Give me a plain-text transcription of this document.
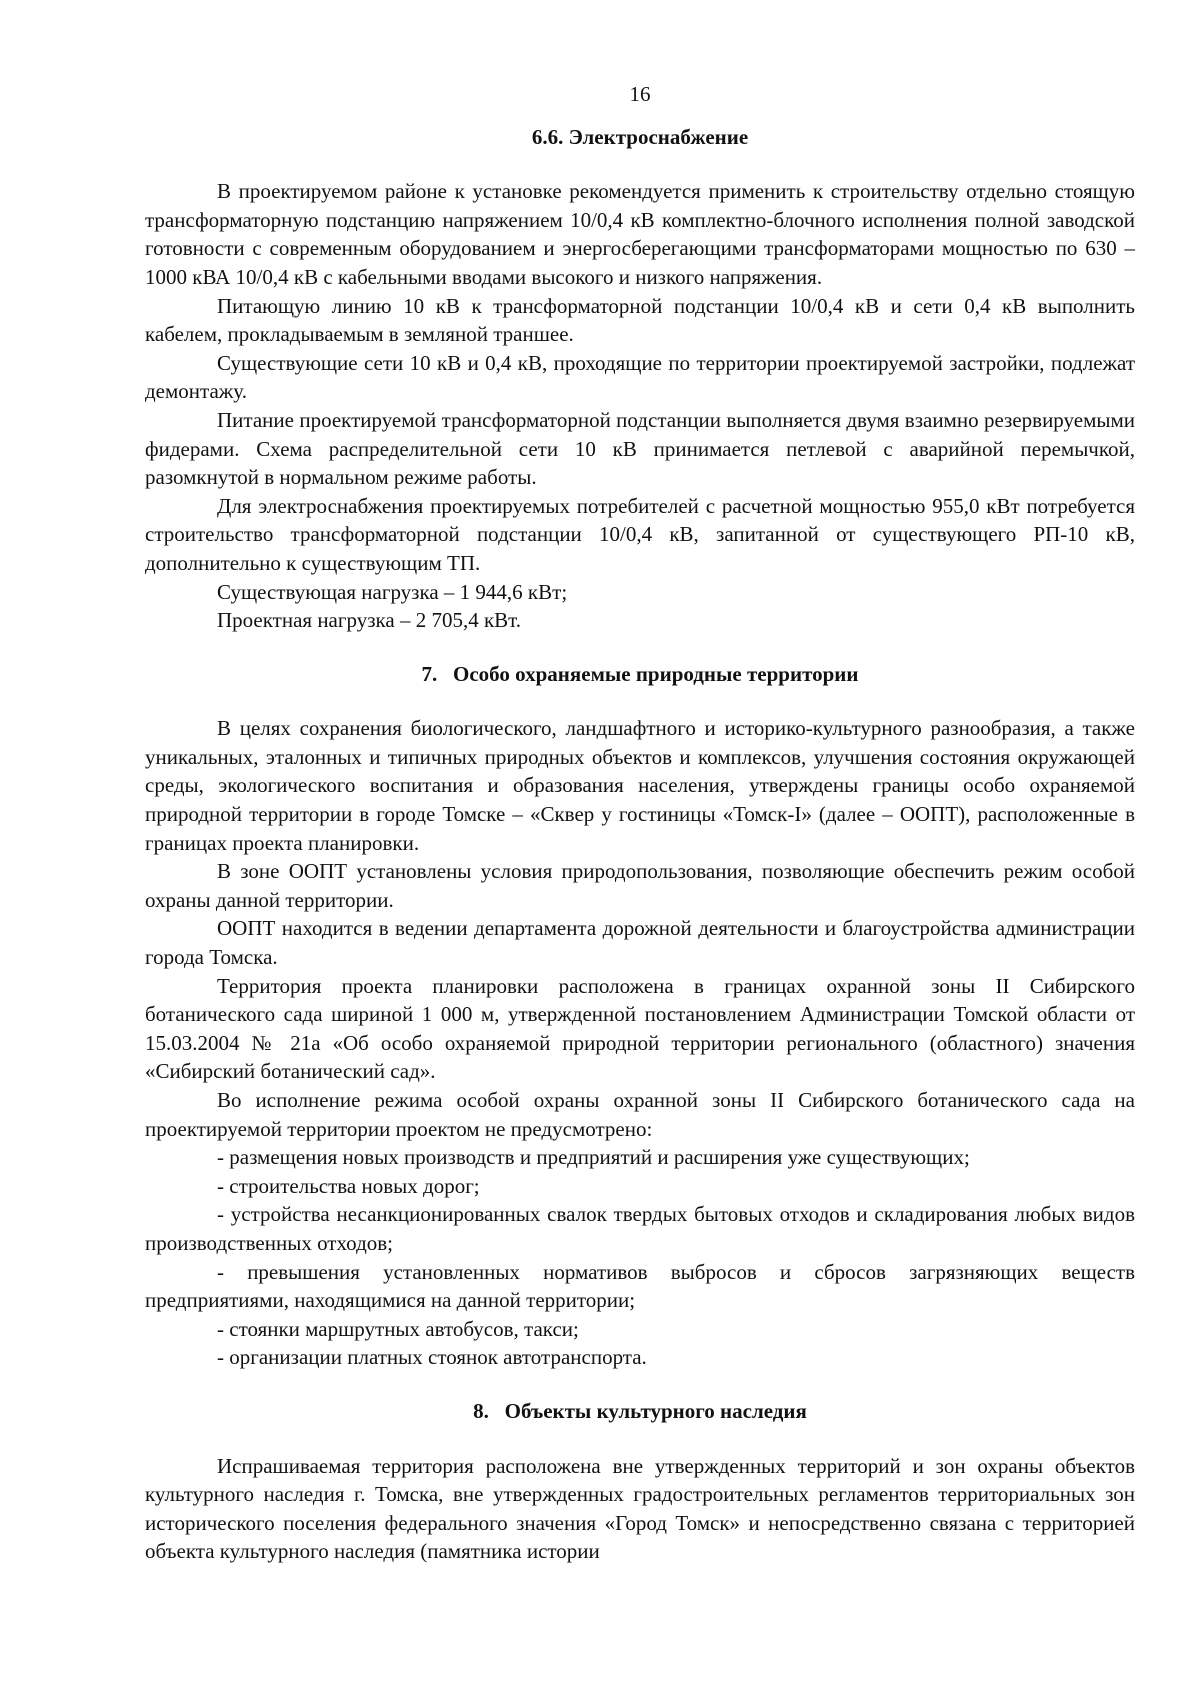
16
6.6. Электроснабжение

В проектируемом районе к установке рекомендуется применить к строительству отдельно стоящую трансформаторную подстанцию напряжением 10/0,4 кВ комплектно-блочного исполнения полной заводской готовности с современным оборудованием и энергосберегающими трансформаторами мощностью по 630 – 1000 кВА 10/0,4 кВ с кабельными вводами высокого и низкого напряжения.

Питающую линию 10 кВ к трансформаторной подстанции 10/0,4 кВ и сети 0,4 кВ выполнить кабелем, прокладываемым в земляной траншее.

Существующие сети 10 кВ и 0,4 кВ, проходящие по территории проектируемой застройки, подлежат демонтажу.

Питание проектируемой трансформаторной подстанции выполняется двумя взаимно резервируемыми фидерами. Схема распределительной сети 10 кВ принимается петлевой с аварийной перемычкой, разомкнутой в нормальном режиме работы.

Для электроснабжения проектируемых потребителей с расчетной мощностью 955,0 кВт потребуется строительство трансформаторной подстанции 10/0,4 кВ, запитанной от существующего РП-10 кВ, дополнительно к существующим ТП.

Существующая нагрузка – 1 944,6 кВт;

Проектная нагрузка – 2 705,4 кВт.

7.   Особо охраняемые природные территории

В целях сохранения биологического, ландшафтного и историко-культурного разнообразия, а также уникальных, эталонных и типичных природных объектов и комплексов, улучшения состояния окружающей среды, экологического воспитания и образования населения, утверждены границы особо охраняемой природной территории в городе Томске – «Сквер у гостиницы «Томск-I» (далее – ООПТ), расположенные в границах проекта планировки.

В зоне ООПТ установлены условия природопользования, позволяющие обеспечить режим особой охраны данной территории.

ООПТ находится в ведении департамента дорожной деятельности и благоустройства администрации города Томска.

Территория проекта планировки расположена в границах охранной зоны II Сибирского ботанического сада шириной 1 000 м, утвержденной постановлением Администрации Томской области от 15.03.2004 № 21а «Об особо охраняемой природной территории регионального (областного) значения «Сибирский ботанический сад».

Во исполнение режима особой охраны охранной зоны II Сибирского ботанического сада на проектируемой территории проектом не предусмотрено:

- размещения новых производств и предприятий и расширения уже существующих;

- строительства новых дорог;

- устройства несанкционированных свалок твердых бытовых отходов и складирования любых видов производственных отходов;

- превышения установленных нормативов выбросов и сбросов загрязняющих веществ предприятиями, находящимися на данной территории;

- стоянки маршрутных автобусов, такси;

- организации платных стоянок автотранспорта.

8.   Объекты культурного наследия

Испрашиваемая территория расположена вне утвержденных территорий и зон охраны объектов культурного наследия г. Томска, вне утвержденных градостроительных регламентов территориальных зон исторического поселения федерального значения «Город Томск» и непосредственно связана с территорией объекта культурного наследия (памятника истории
